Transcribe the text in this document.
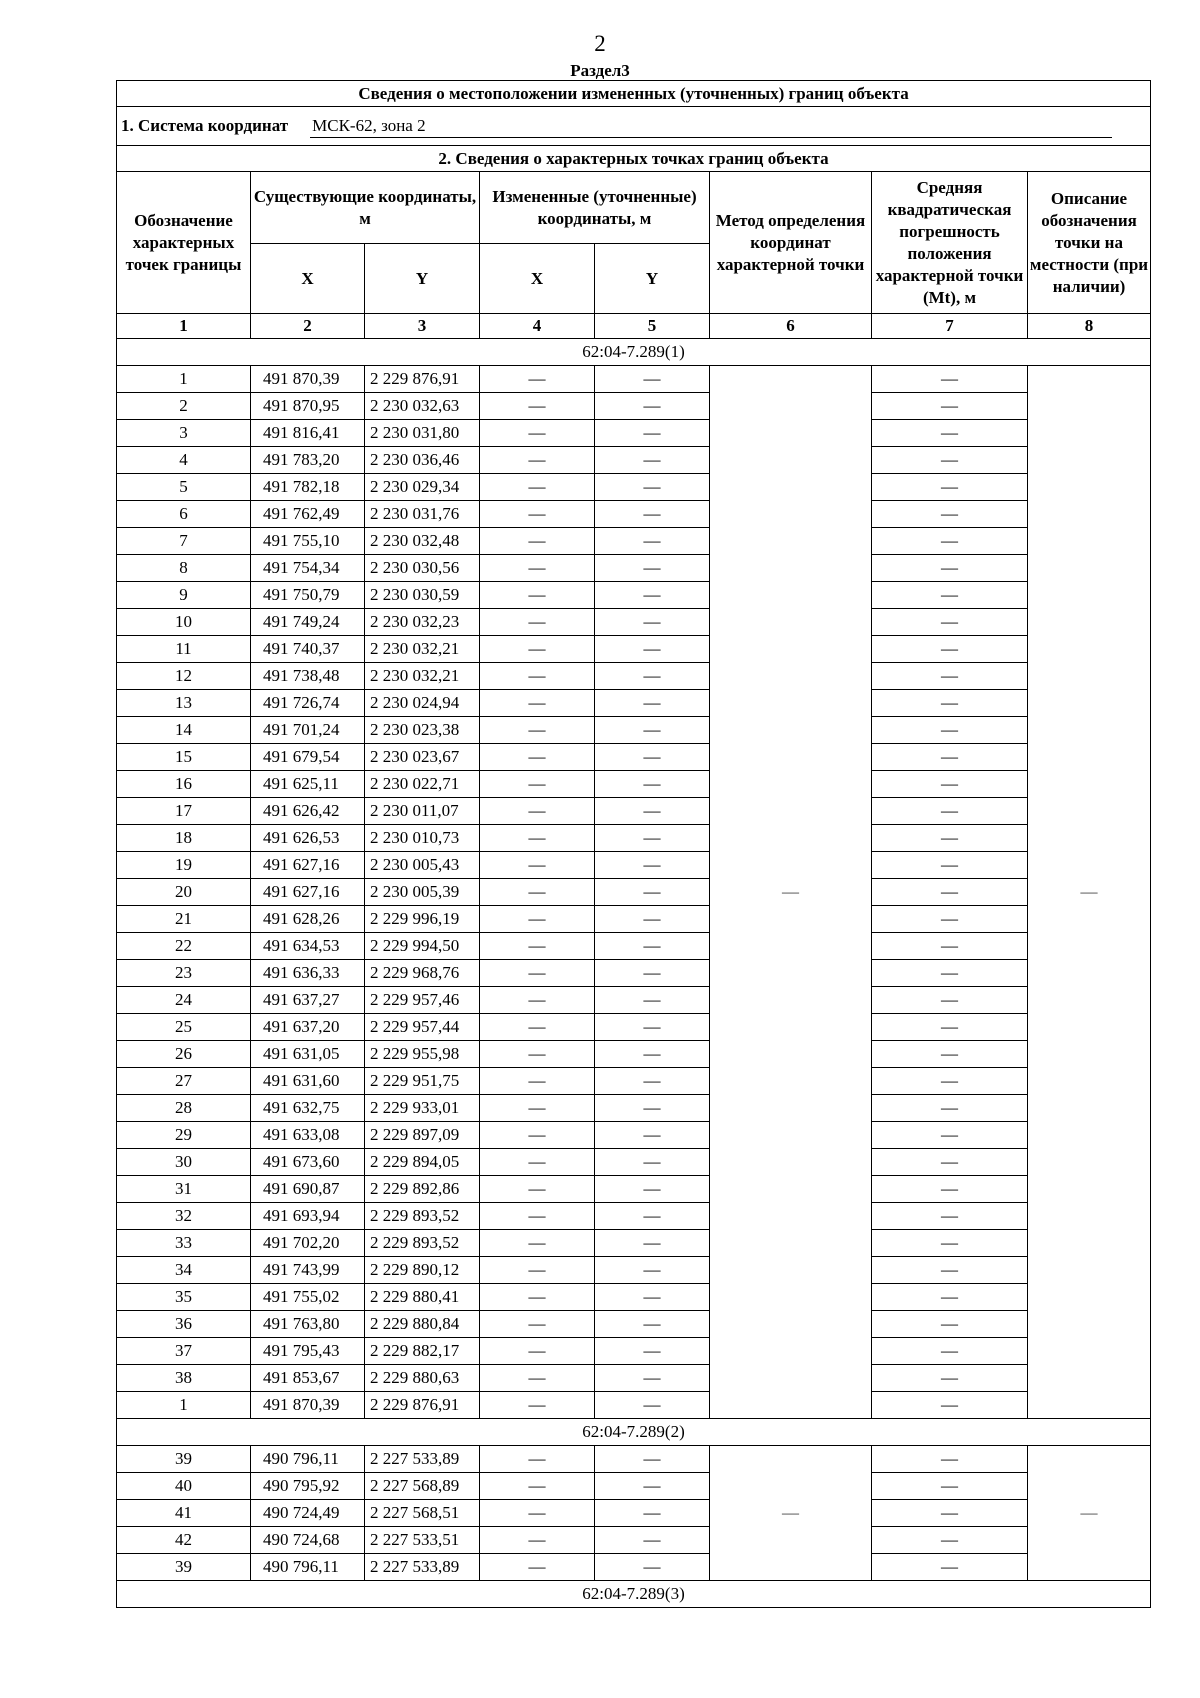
2
Раздел3
Сведения о местоположении измененных (уточненных) границ объекта							
1. Система координат МСК-62, зона 2							
2. Сведения о характерных точках границ объекта							
Обозначение характерных точек границы	Существующие координаты, м		Измененные (уточненные) координаты, м		Метод определения координат характерной точки	Средняя квадратическая погрешность положения характерной точки (Mt), м	Описание обозначения точки на местности (при наличии)
	X	Y	X	Y			
1	2	3	4	5	6	7	8
62:04-7.289(1)							
1	491 870,39	2 229 876,91	—	—	—	—	—
2	491 870,95	2 230 032,63	—	—		—	
3	491 816,41	2 230 031,80	—	—		—	
4	491 783,20	2 230 036,46	—	—		—	
5	491 782,18	2 230 029,34	—	—		—	
6	491 762,49	2 230 031,76	—	—		—	
7	491 755,10	2 230 032,48	—	—		—	
8	491 754,34	2 230 030,56	—	—		—	
9	491 750,79	2 230 030,59	—	—		—	
10	491 749,24	2 230 032,23	—	—		—	
11	491 740,37	2 230 032,21	—	—		—	
12	491 738,48	2 230 032,21	—	—		—	
13	491 726,74	2 230 024,94	—	—		—	
14	491 701,24	2 230 023,38	—	—		—	
15	491 679,54	2 230 023,67	—	—		—	
16	491 625,11	2 230 022,71	—	—		—	
17	491 626,42	2 230 011,07	—	—		—	
18	491 626,53	2 230 010,73	—	—		—	
19	491 627,16	2 230 005,43	—	—		—	
20	491 627,16	2 230 005,39	—	—		—	
21	491 628,26	2 229 996,19	—	—		—	
22	491 634,53	2 229 994,50	—	—		—	
23	491 636,33	2 229 968,76	—	—		—	
24	491 637,27	2 229 957,46	—	—		—	
25	491 637,20	2 229 957,44	—	—		—	
26	491 631,05	2 229 955,98	—	—		—	
27	491 631,60	2 229 951,75	—	—		—	
28	491 632,75	2 229 933,01	—	—		—	
29	491 633,08	2 229 897,09	—	—		—	
30	491 673,60	2 229 894,05	—	—		—	
31	491 690,87	2 229 892,86	—	—		—	
32	491 693,94	2 229 893,52	—	—		—	
33	491 702,20	2 229 893,52	—	—		—	
34	491 743,99	2 229 890,12	—	—		—	
35	491 755,02	2 229 880,41	—	—		—	
36	491 763,80	2 229 880,84	—	—		—	
37	491 795,43	2 229 882,17	—	—		—	
38	491 853,67	2 229 880,63	—	—		—	
1	491 870,39	2 229 876,91	—	—		—	
62:04-7.289(2)							
39	490 796,11	2 227 533,89	—	—	—	—	—
40	490 795,92	2 227 568,89	—	—		—	
41	490 724,49	2 227 568,51	—	—		—	
42	490 724,68	2 227 533,51	—	—		—	
39	490 796,11	2 227 533,89	—	—		—	
62:04-7.289(3)							
